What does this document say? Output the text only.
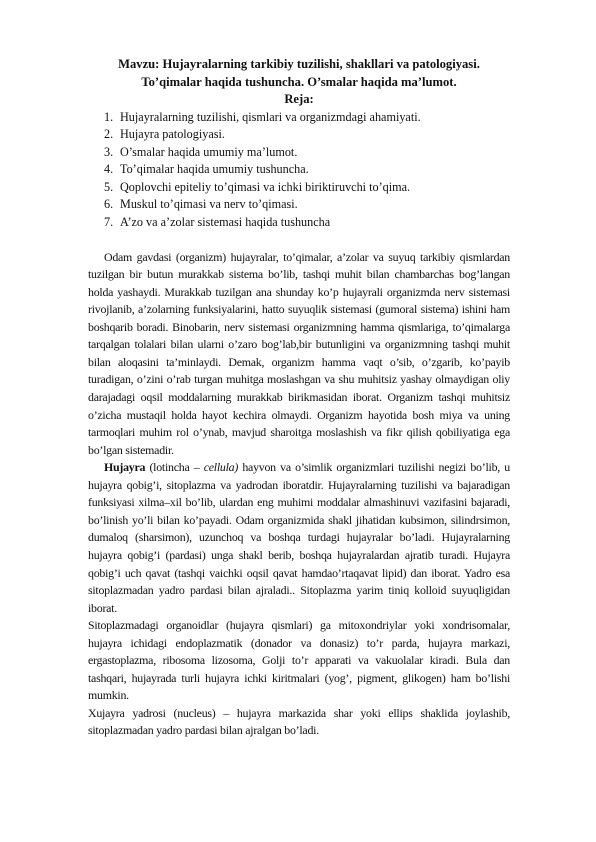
Mavzu: Hujayralarning tarkibiy tuzilishi, shakllari va patologiyasi.

To’qimalar haqida tushuncha. O’smalar haqida ma’lumot.

Reja:

1. Hujayralarning tuzilishi, qismlari va organizmdagi ahamiyati.
2. Hujayra patologiyasi.
3. O’smalar haqida umumiy ma’lumot.
4. To’qimalar haqida umumiy tushuncha.
5. Qoplovchi epiteliy to’qimasi va ichki biriktiruvchi to’qima.
6. Muskul to’qimasi va nerv to’qimasi.
7. A’zo va a’zolar sistemasi haqida tushuncha

Odam gavdasi (organizm) hujayralar, to’qimalar, a’zolar va suyuq tarkibiy qismlardan tuzilgan bir butun murakkab sistema bo’lib, tashqi muhit bilan chambarchas bog’langan holda yashaydi. Murakkab tuzilgan ana shunday ko’p hujayrali organizmda nerv sistemasi rivojlanib, a’zolarning funksiyalarini, hatto suyuqlik sistemasi (gumoral sistema) ishini ham boshqarib boradi. Binobarin, nerv sistemasi organizmning hamma qismlariga, to’qimalarga tarqalgan tolalari bilan ularni o’zaro bog’lab,bir butunligini va organizmning tashqi muhit bilan aloqasini ta’minlaydi. Demak, organizm hamma vaqt o’sib, o’zgarib, ko’payib turadigan, o’zini o’rab turgan muhitga moslashgan va shu muhitsiz yashay olmaydigan oliy darajadagi oqsil moddalarning murakkab birikmasidan iborat. Organizm tashqi muhitsiz o’zicha mustaqil holda hayot kechira olmaydi. Organizm hayotida bosh miya va uning tarmoqlari muhim rol o’ynab, mavjud sharoitga moslashish va fikr qilish qobiliyatiga ega bo’lgan sistemadir.

Hujayra (lotincha – cellula) hayvon va o’simlik organizmlari tuzilishi negizi bo’lib, u hujayra qobig’i, sitoplazma va yadrodan iboratdir. Hujayralarning tuzilishi va bajaradigan funksiyasi xilma–xil bo’lib, ulardan eng muhimi moddalar almashinuvi vazifasini bajaradi, bo’linish yo’li bilan ko’payadi. Odam organizmida shakl jihatidan kubsimon, silindrsimon, dumaloq (sharsimon), uzunchoq va boshqa turdagi hujayralar bo’ladi. Hujayralarning hujayra qobig’i (pardasi) unga shakl berib, boshqa hujayralardan ajratib turadi. Hujayra qobig’i uch qavat (tashqi vaichki oqsil qavat hamdao’rtaqavat lipid) dan iborat. Yadro esa sitoplazmadan yadro pardasi bilan ajraladi.. Sitoplazma yarim tiniq kolloid suyuqligidan iborat.

Sitoplazmadagi organoidlar (hujayra qismlari) ga mitoxondriylar yoki xondrisomalar, hujayra ichidagi endoplazmatik (donador va donasiz) to’r parda, hujayra markazi, ergastoplazma, ribosoma lizosoma, Golji to’r apparati va vakuolalar kiradi. Bula dan tashqari, hujayrada turli hujayra ichki kiritmalari (yog’, pigment, glikogen) ham bo’lishi mumkin.

Xujayra yadrosi (nucleus) – hujayra markazida shar yoki ellips shaklida joylashib, sitoplazmadan yadro pardasi bilan ajralgan bo’ladi.
